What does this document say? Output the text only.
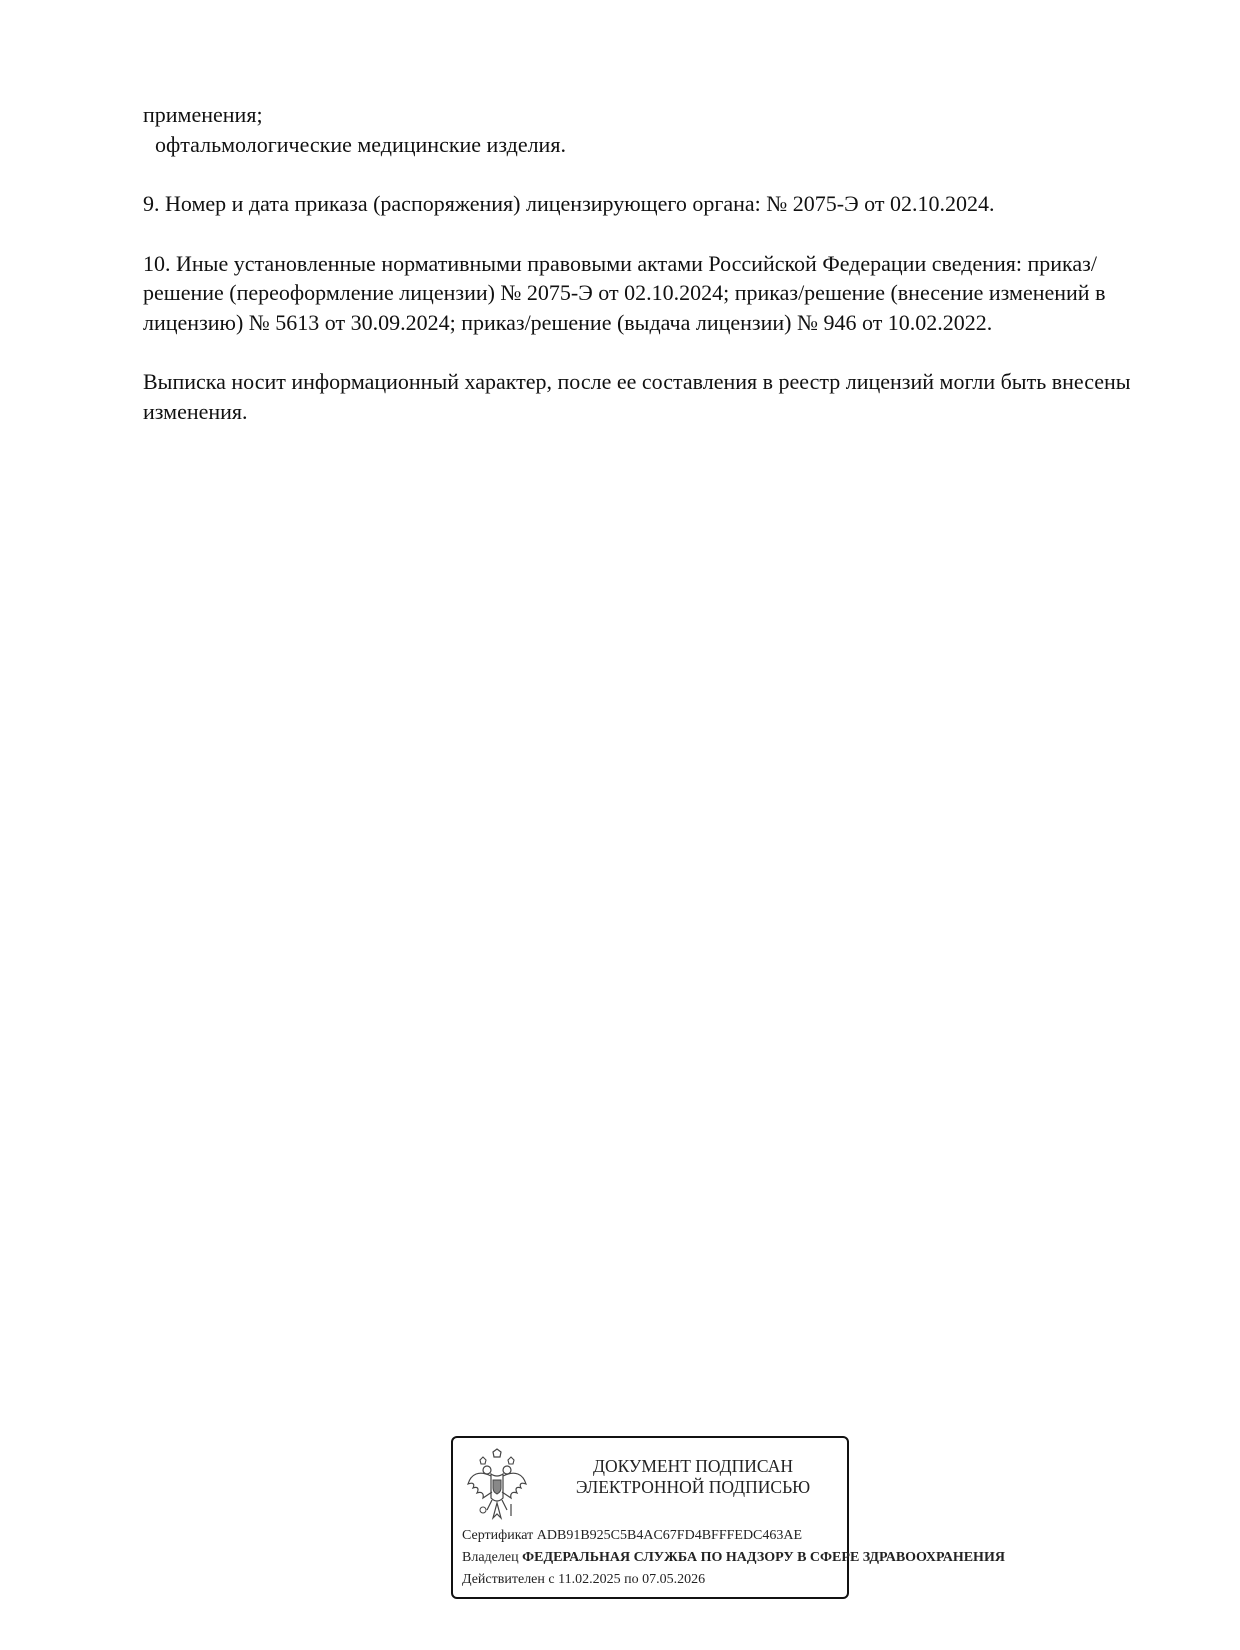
применения;

офтальмологические медицинские изделия.

9. Номер и дата приказа (распоряжения) лицензирующего органа: № 2075-Э от 02.10.2024.

10. Иные установленные нормативными правовыми актами Российской Федерации сведения: приказ/решение (переоформление лицензии) № 2075-Э от 02.10.2024; приказ/решение (внесение изменений в лицензию) № 5613 от 30.09.2024; приказ/решение (выдача лицензии) № 946 от 10.02.2022.

Выписка носит информационный характер, после ее составления в реестр лицензий могли быть внесены изменения.

ДОКУМЕНТ ПОДПИСАН
ЭЛЕКТРОННОЙ ПОДПИСЬЮ
Сертификат ADB91B925C5B4AC67FD4BFFFEDC463AE
Владелец ФЕДЕРАЛЬНАЯ СЛУЖБА ПО НАДЗОРУ В СФЕРЕ ЗДРАВООХРАНЕНИЯ
Действителен с 11.02.2025 по 07.05.2026
